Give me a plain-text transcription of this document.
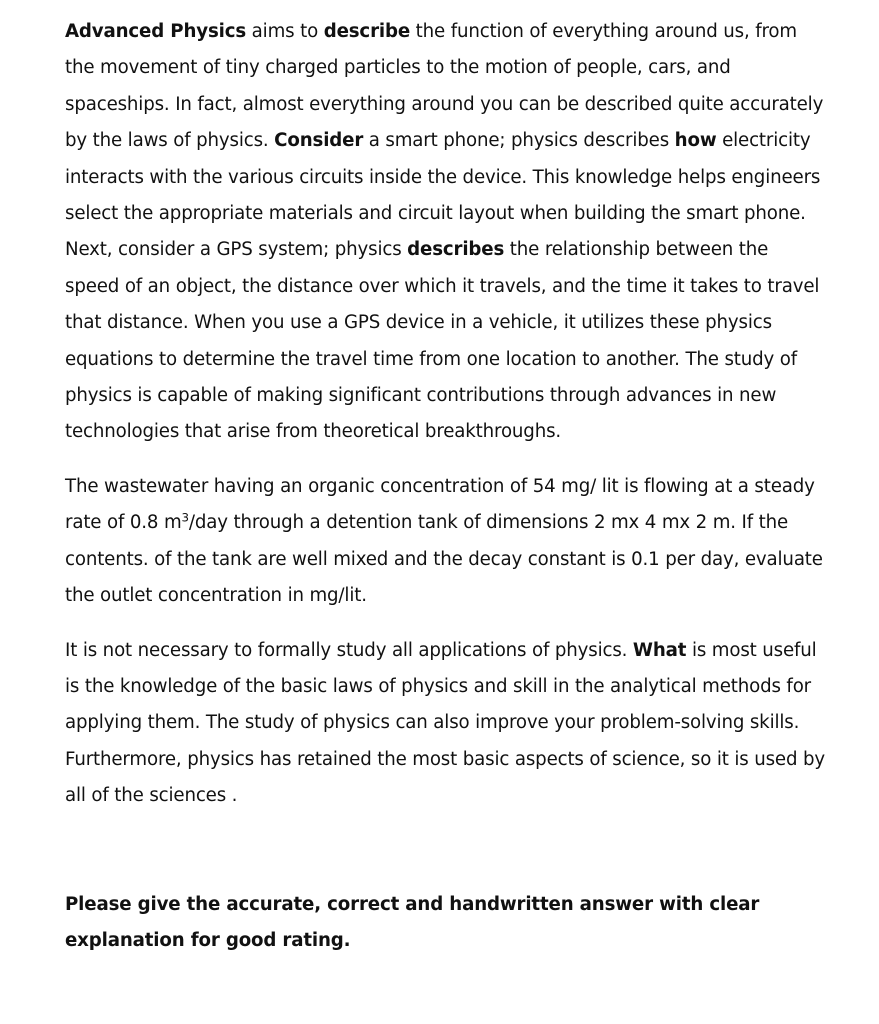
Advanced Physics aims to describe the function of everything around us, from the movement of tiny charged particles to the motion of people, cars, and spaceships. In fact, almost everything around you can be described quite accurately by the laws of physics. Consider a smart phone; physics describes how electricity interacts with the various circuits inside the device. This knowledge helps engineers select the appropriate materials and circuit layout when building the smart phone. Next, consider a GPS system; physics describes the relationship between the speed of an object, the distance over which it travels, and the time it takes to travel that distance. When you use a GPS device in a vehicle, it utilizes these physics equations to determine the travel time from one location to another. The study of physics is capable of making significant contributions through advances in new technologies that arise from theoretical breakthroughs.

The wastewater having an organic concentration of 54 mg/ lit is flowing at a steady rate of 0.8 $m^3$/day through a detention tank of dimensions 2 mx 4 mx 2 m. If the contents. of the tank are well mixed and the decay constant is 0.1 per day, evaluate the outlet concentration in mg/lit.

It is not necessary to formally study all applications of physics. What is most useful is the knowledge of the basic laws of physics and skill in the analytical methods for applying them. The study of physics can also improve your problem-solving skills. Furthermore, physics has retained the most basic aspects of science, so it is used by all of the sciences .

Please give the accurate, correct and handwritten answer with clear explanation for good rating.
